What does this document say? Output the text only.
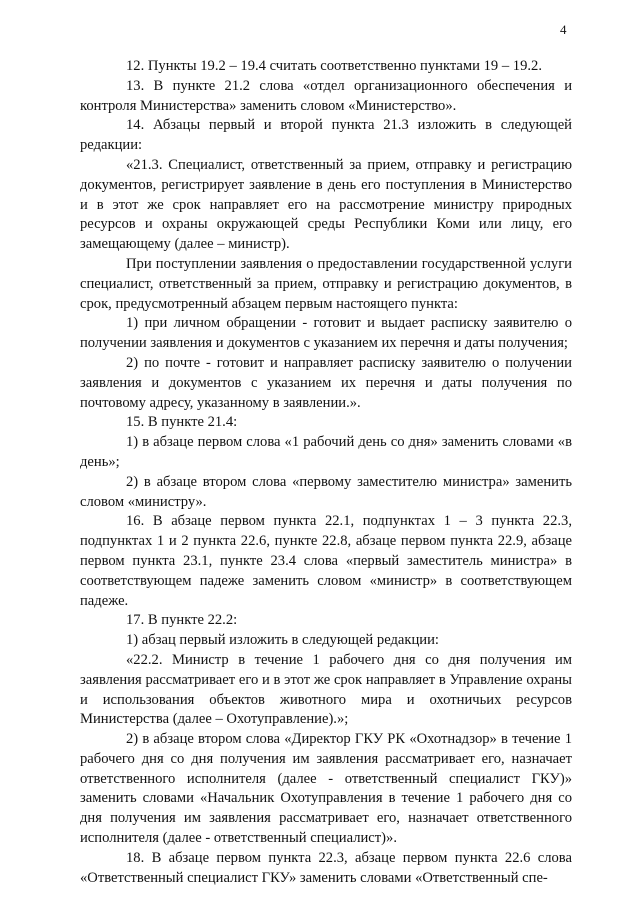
4

12. Пункты 19.2 – 19.4 считать соответственно пунктами 19 – 19.2.

13. В пункте 21.2 слова «отдел организационного обеспечения и контроля Министерства» заменить словом «Министерство».

14. Абзацы первый и второй пункта 21.3 изложить в следующей редакции:

«21.3. Специалист, ответственный за прием, отправку и регистрацию документов, регистрирует заявление в день его поступления в Министерство и в этот же срок направляет его на рассмотрение министру природных ресурсов и охраны окружающей среды Республики Коми или лицу, его замещающему (далее – министр).

При поступлении заявления о предоставлении государственной услуги специалист, ответственный за прием, отправку и регистрацию документов, в срок, предусмотренный абзацем первым настоящего пункта:

1) при личном обращении - готовит и выдает расписку заявителю о получении заявления и документов с указанием их перечня и даты получения;

2) по почте - готовит и направляет расписку заявителю о получении заявления и документов с указанием их перечня и даты получения по почтовому адресу, указанному в заявлении.».

15. В пункте 21.4:

1) в абзаце первом слова «1 рабочий день со дня» заменить словами «в день»;

2) в абзаце втором слова «первому заместителю министра» заменить словом «министру».

16. В абзаце первом пункта 22.1, подпунктах 1 – 3 пункта 22.3, подпунктах 1 и 2 пункта 22.6, пункте 22.8, абзаце первом пункта 22.9, абзаце первом пункта 23.1, пункте 23.4 слова «первый заместитель министра» в соответствующем падеже заменить словом «министр» в соответствующем падеже.

17. В пункте 22.2:

1) абзац первый изложить в следующей редакции:

«22.2. Министр в течение 1 рабочего дня со дня получения им заявления рассматривает его и в этот же срок направляет в Управление охраны и использования объектов животного мира и охотничьих ресурсов Министерства (далее – Охотуправление).»;

2) в абзаце втором слова «Директор ГКУ РК «Охотнадзор» в течение 1 рабочего дня со дня получения им заявления рассматривает его, назначает ответственного исполнителя (далее - ответственный специалист ГКУ)» заменить словами «Начальник Охотуправления в течение 1 рабочего дня со дня получения им заявления рассматривает его, назначает ответственного исполнителя (далее - ответственный специалист)».

18. В абзаце первом пункта 22.3, абзаце первом пункта 22.6 слова «Ответственный специалист ГКУ» заменить словами «Ответственный спе-
